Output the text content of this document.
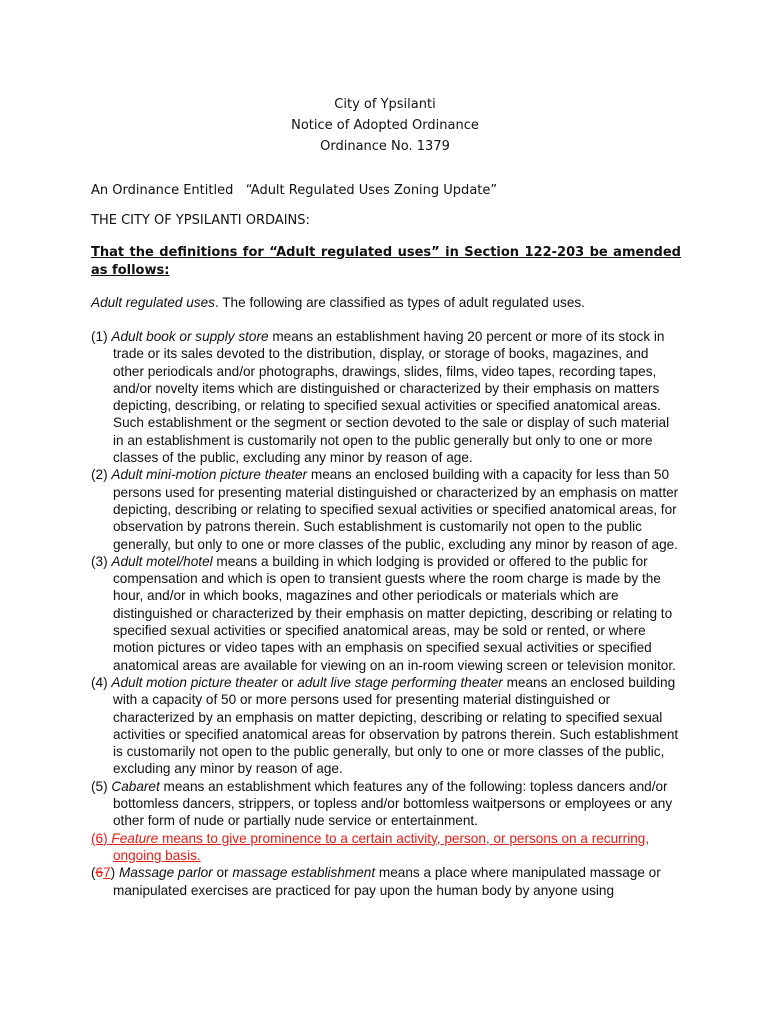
City of Ypsilanti
Notice of Adopted Ordinance
Ordinance No. 1379
An Ordinance Entitled   “Adult Regulated Uses Zoning Update”
THE CITY OF YPSILANTI ORDAINS:
That the definitions for “Adult regulated uses” in Section 122-203 be amended as follows:
Adult regulated uses. The following are classified as types of adult regulated uses.
(1) Adult book or supply store means an establishment having 20 percent or more of its stock in trade or its sales devoted to the distribution, display, or storage of books, magazines, and other periodicals and/or photographs, drawings, slides, films, video tapes, recording tapes, and/or novelty items which are distinguished or characterized by their emphasis on matters depicting, describing, or relating to specified sexual activities or specified anatomical areas. Such establishment or the segment or section devoted to the sale or display of such material in an establishment is customarily not open to the public generally but only to one or more classes of the public, excluding any minor by reason of age.
(2) Adult mini-motion picture theater means an enclosed building with a capacity for less than 50 persons used for presenting material distinguished or characterized by an emphasis on matter depicting, describing or relating to specified sexual activities or specified anatomical areas, for observation by patrons therein. Such establishment is customarily not open to the public generally, but only to one or more classes of the public, excluding any minor by reason of age.
(3) Adult motel/hotel means a building in which lodging is provided or offered to the public for compensation and which is open to transient guests where the room charge is made by the hour, and/or in which books, magazines and other periodicals or materials which are distinguished or characterized by their emphasis on matter depicting, describing or relating to specified sexual activities or specified anatomical areas, may be sold or rented, or where motion pictures or video tapes with an emphasis on specified sexual activities or specified anatomical areas are available for viewing on an in-room viewing screen or television monitor.
(4) Adult motion picture theater or adult live stage performing theater means an enclosed building with a capacity of 50 or more persons used for presenting material distinguished or characterized by an emphasis on matter depicting, describing or relating to specified sexual activities or specified anatomical areas for observation by patrons therein. Such establishment is customarily not open to the public generally, but only to one or more classes of the public, excluding any minor by reason of age.
(5) Cabaret means an establishment which features any of the following: topless dancers and/or bottomless dancers, strippers, or topless and/or bottomless waitpersons or employees or any other form of nude or partially nude service or entertainment.
(6) Feature means to give prominence to a certain activity, person, or persons on a recurring, ongoing basis.
(67) Massage parlor or massage establishment means a place where manipulated massage or manipulated exercises are practiced for pay upon the human body by anyone using
